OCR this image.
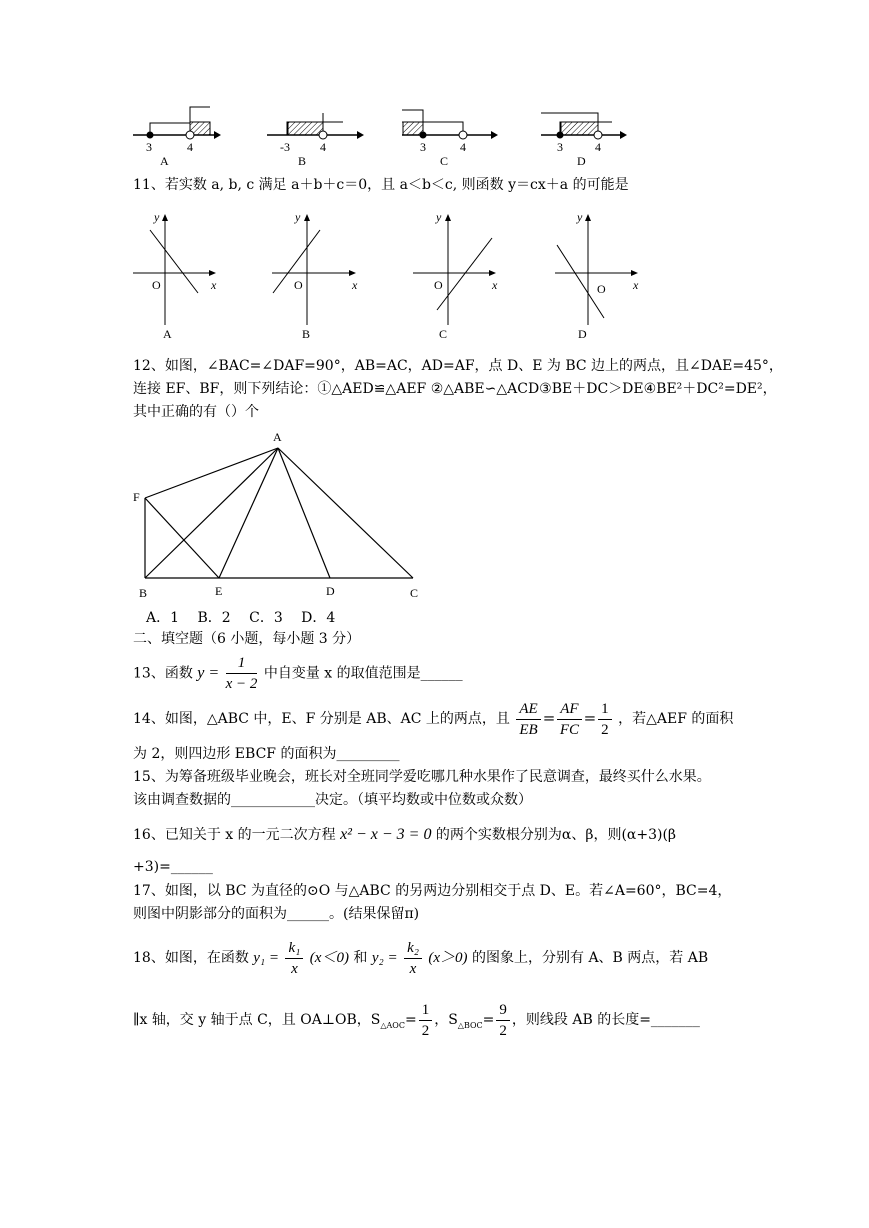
3	4
A
-3	4
B
3	4
C
3	4
D
11、若实数 a, b, c 满足 a＋b＋c＝0，且 a＜b＜c, 则函数 y＝cx＋a 的可能是
y
x
O
A
y
x
O
B
y
x
O
C
y
x
O
D
12、如图，∠BAC=∠DAF=90°，AB=AC，AD=AF，点 D、E 为 BC 边上的两点，且∠DAE=45°，
连接 EF、BF，则下列结论：①△AED≌△AEF ②△ABE∽△ACD③BE＋DC＞DE④BE²＋DC²=DE²，
其中正确的有（）个
A
F
B	E	D	C
A．1　 B．2　 C．3　 D．4
二、填空题（6 小题，每小题 3 分）
13、函数 $y = \frac{1}{x - 2}$ 中自变量 x 的取值范围是______
14、如图，△ABC 中，E、F 分别是 AB、AC 上的两点，且 $\frac{AE}{EB} = \frac{AF}{FC} = \frac{1}{2}$ ，若△AEF 的面积
为 2，则四边形 EBCF 的面积为_________
15、为筹备班级毕业晚会，班长对全班同学爱吃哪几种水果作了民意调查，最终买什么水果。
该由调查数据的____________决定。（填平均数或中位数或众数）
16、已知关于 x 的一元二次方程 x² − x − 3 = 0 的两个实数根分别为α、β，则(α+3)(β
+3)=______
17、如图，以 BC 为直径的⊙O 与△ABC 的另两边分别相交于点 D、E。若∠A=60°，BC=4，
则图中阴影部分的面积为______。(结果保留π)
18、如图，在函数 $y_1 = \frac{\text{k₁}}{x} (x<0)$ 和 $y_2 = \frac{\text{k₂}}{x} (x>0)$ 的图象上，分别有 A、B 两点，若 AB
∥x 轴，交 y 轴于点 C，且 OA⊥OB，$S_{\triangle AOC}= \frac{1}{2}$ ，$S_{\triangle BOC}= \frac{9}{2}$ ，则线段 AB 的长度=_______
